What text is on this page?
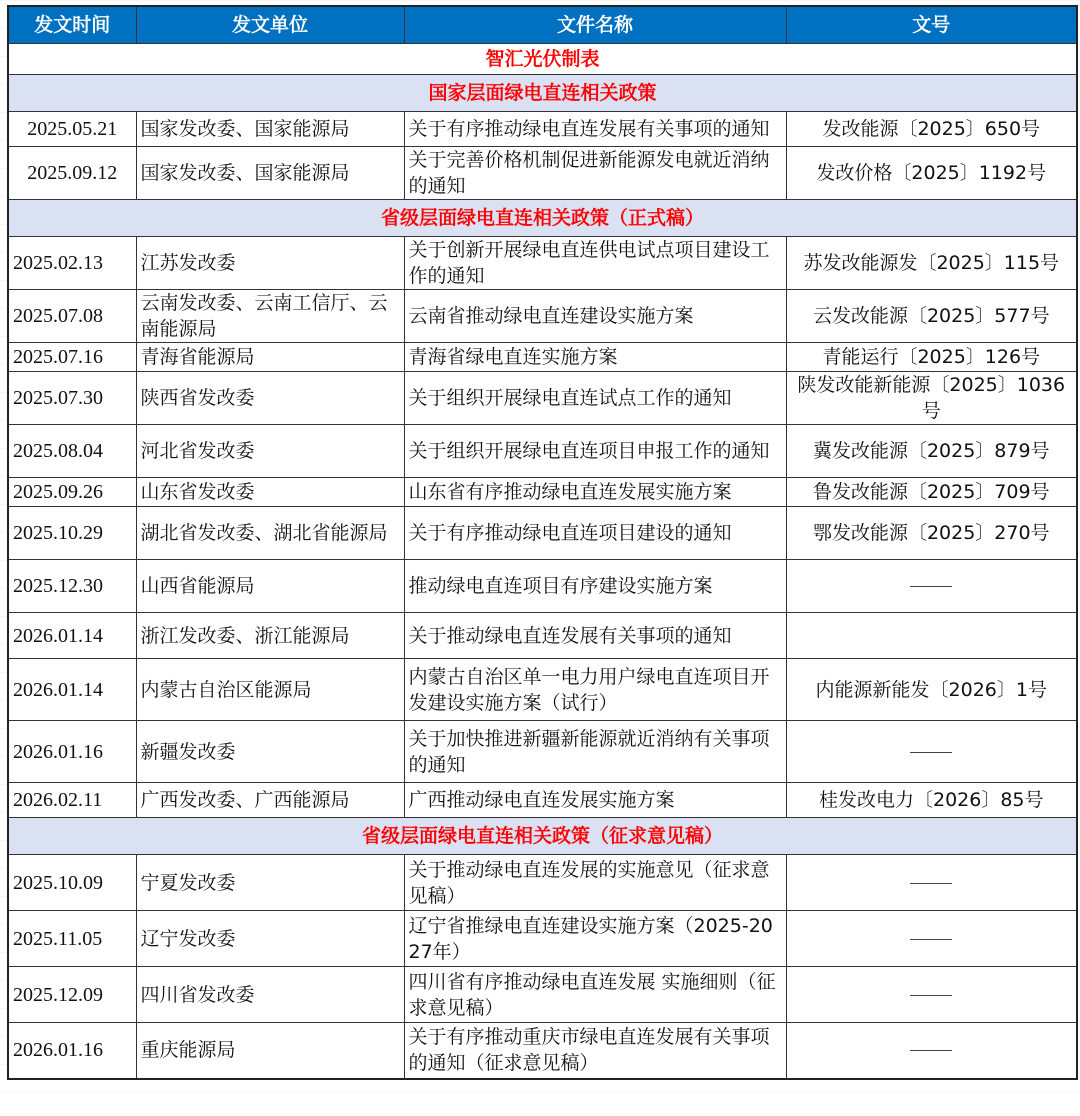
发文时间	发文单位	文件名称	文号
智汇光伏制表			
国家层面绿电直连相关政策			
2025.05.21	国家发改委、国家能源局	关于有序推动绿电直连发展有关事项的通知	发改能源〔2025〕650号
2025.09.12	国家发改委、国家能源局	关于完善价格机制促进新能源发电就近消纳的通知	发改价格〔2025〕1192号
省级层面绿电直连相关政策（正式稿）			
2025.02.13	江苏发改委	关于创新开展绿电直连供电试点项目建设工作的通知	苏发改能源发〔2025〕115号
2025.07.08	云南发改委、云南工信厅、云南能源局	云南省推动绿电直连建设实施方案	云发改能源〔2025〕577号
2025.07.16	青海省能源局	青海省绿电直连实施方案	青能运行〔2025〕126号
2025.07.30	陕西省发改委	关于组织开展绿电直连试点工作的通知	陕发改能新能源〔2025〕1036号
2025.08.04	河北省发改委	关于组织开展绿电直连项目申报工作的通知	冀发改能源〔2025〕879号
2025.09.26	山东省发改委	山东省有序推动绿电直连发展实施方案	鲁发改能源〔2025〕709号
2025.10.29	湖北省发改委、湖北省能源局	关于有序推动绿电直连项目建设的通知	鄂发改能源〔2025〕270号
2025.12.30	山西省能源局	推动绿电直连项目有序建设实施方案	
2026.01.14	浙江发改委、浙江能源局	关于推动绿电直连发展有关事项的通知	
2026.01.14	内蒙古自治区能源局	内蒙古自治区单一电力用户绿电直连项目开发建设实施方案（试行）	内能源新能发〔2026〕1号
2026.01.16	新疆发改委	关于加快推进新疆新能源就近消纳有关事项的通知	
2026.02.11	广西发改委、广西能源局	广西推动绿电直连发展实施方案	桂发改电力〔2026〕85号
省级层面绿电直连相关政策（征求意见稿）			
2025.10.09	宁夏发改委	关于推动绿电直连发展的实施意见（征求意见稿）	
2025.11.05	辽宁发改委	辽宁省推绿电直连建设实施方案（2025-2027年）	
2025.12.09	四川省发改委	四川省有序推动绿电直连发展 实施细则（征求意见稿）	
2026.01.16	重庆能源局	关于有序推动重庆市绿电直连发展有关事项的通知（征求意见稿）	
